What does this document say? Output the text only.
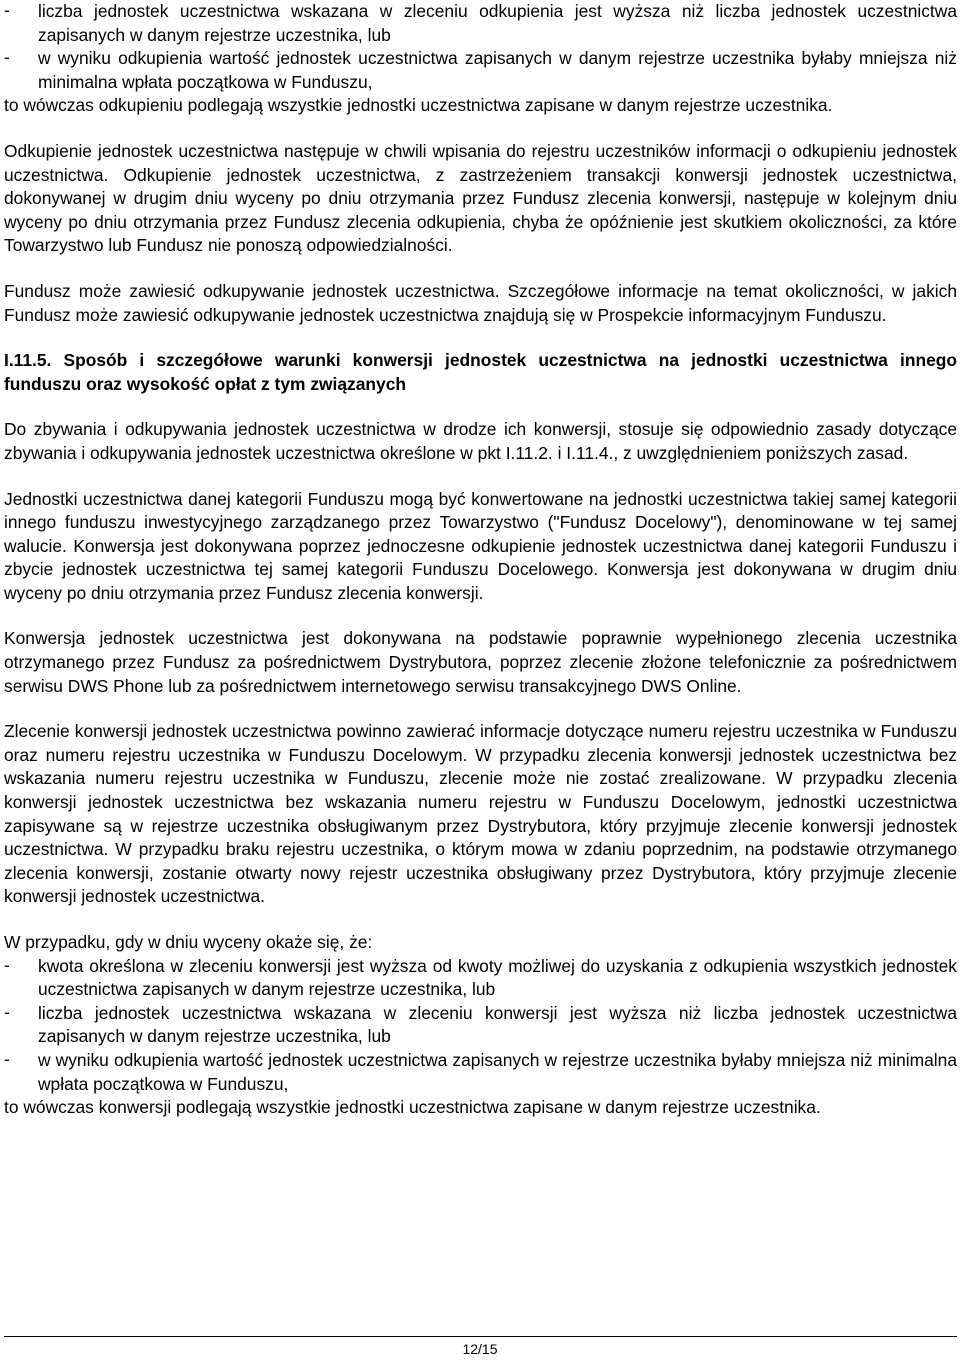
-	liczba jednostek uczestnictwa wskazana w zleceniu odkupienia jest wyższa niż liczba jednostek uczestnictwa zapisanych w danym rejestrze uczestnika, lub
-	w wyniku odkupienia wartość jednostek uczestnictwa zapisanych w danym rejestrze uczestnika byłaby mniejsza niż minimalna wpłata początkowa w Funduszu,

to wówczas odkupieniu podlegają wszystkie jednostki uczestnictwa zapisane w danym rejestrze uczestnika.

Odkupienie jednostek uczestnictwa następuje w chwili wpisania do rejestru uczestników informacji o odkupieniu jednostek uczestnictwa. Odkupienie jednostek uczestnictwa, z zastrzeżeniem transakcji konwersji jednostek uczestnictwa, dokonywanej w drugim dniu wyceny po dniu otrzymania przez Fundusz zlecenia konwersji, następuje w kolejnym dniu wyceny po dniu otrzymania przez Fundusz zlecenia odkupienia, chyba że opóźnienie jest skutkiem okoliczności, za które Towarzystwo lub Fundusz nie ponoszą odpowiedzialności.

Fundusz może zawiesić odkupywanie jednostek uczestnictwa. Szczegółowe informacje na temat okoliczności, w jakich Fundusz może zawiesić odkupywanie jednostek uczestnictwa znajdują się w Prospekcie informacyjnym Funduszu.

I.11.5. Sposób i szczegółowe warunki konwersji jednostek uczestnictwa na jednostki uczestnictwa innego funduszu oraz wysokość opłat z tym związanych

Do zbywania i odkupywania jednostek uczestnictwa w drodze ich konwersji, stosuje się odpowiednio zasady dotyczące zbywania i odkupywania jednostek uczestnictwa określone w pkt I.11.2. i I.11.4., z uwzględnieniem poniższych zasad.

Jednostki uczestnictwa danej kategorii Funduszu mogą być konwertowane na jednostki uczestnictwa takiej samej kategorii innego funduszu inwestycyjnego zarządzanego przez Towarzystwo ("Fundusz Docelowy"), denominowane w tej samej walucie. Konwersja jest dokonywana poprzez jednoczesne odkupienie jednostek uczestnictwa danej kategorii Funduszu i zbycie jednostek uczestnictwa tej samej kategorii Funduszu Docelowego. Konwersja jest dokonywana w drugim dniu wyceny po dniu otrzymania przez Fundusz zlecenia konwersji.

Konwersja jednostek uczestnictwa jest dokonywana na podstawie poprawnie wypełnionego zlecenia uczestnika otrzymanego przez Fundusz za pośrednictwem Dystrybutora, poprzez zlecenie złożone telefonicznie za pośrednictwem serwisu DWS Phone lub za pośrednictwem internetowego serwisu transakcyjnego DWS Online.

Zlecenie konwersji jednostek uczestnictwa powinno zawierać informacje dotyczące numeru rejestru uczestnika w Funduszu oraz numeru rejestru uczestnika w Funduszu Docelowym. W przypadku zlecenia konwersji jednostek uczestnictwa bez wskazania numeru rejestru uczestnika w Funduszu, zlecenie może nie zostać zrealizowane. W przypadku zlecenia konwersji jednostek uczestnictwa bez wskazania numeru rejestru w Funduszu Docelowym, jednostki uczestnictwa zapisywane są w rejestrze uczestnika obsługiwanym przez Dystrybutora, który przyjmuje zlecenie konwersji jednostek uczestnictwa. W przypadku braku rejestru uczestnika, o którym mowa w zdaniu poprzednim, na podstawie otrzymanego zlecenia konwersji, zostanie otwarty nowy rejestr uczestnika obsługiwany przez Dystrybutora, który przyjmuje zlecenie konwersji jednostek uczestnictwa.

W przypadku, gdy w dniu wyceny okaże się, że:

-	kwota określona w zleceniu konwersji jest wyższa od kwoty możliwej do uzyskania z odkupienia wszystkich jednostek uczestnictwa zapisanych w danym rejestrze uczestnika, lub
-	liczba jednostek uczestnictwa wskazana w zleceniu konwersji jest wyższa niż liczba jednostek uczestnictwa zapisanych w danym rejestrze uczestnika, lub
-	w wyniku odkupienia wartość jednostek uczestnictwa zapisanych w rejestrze uczestnika byłaby mniejsza niż minimalna wpłata początkowa w Funduszu,

to wówczas konwersji podlegają wszystkie jednostki uczestnictwa zapisane w danym rejestrze uczestnika.

12/15
